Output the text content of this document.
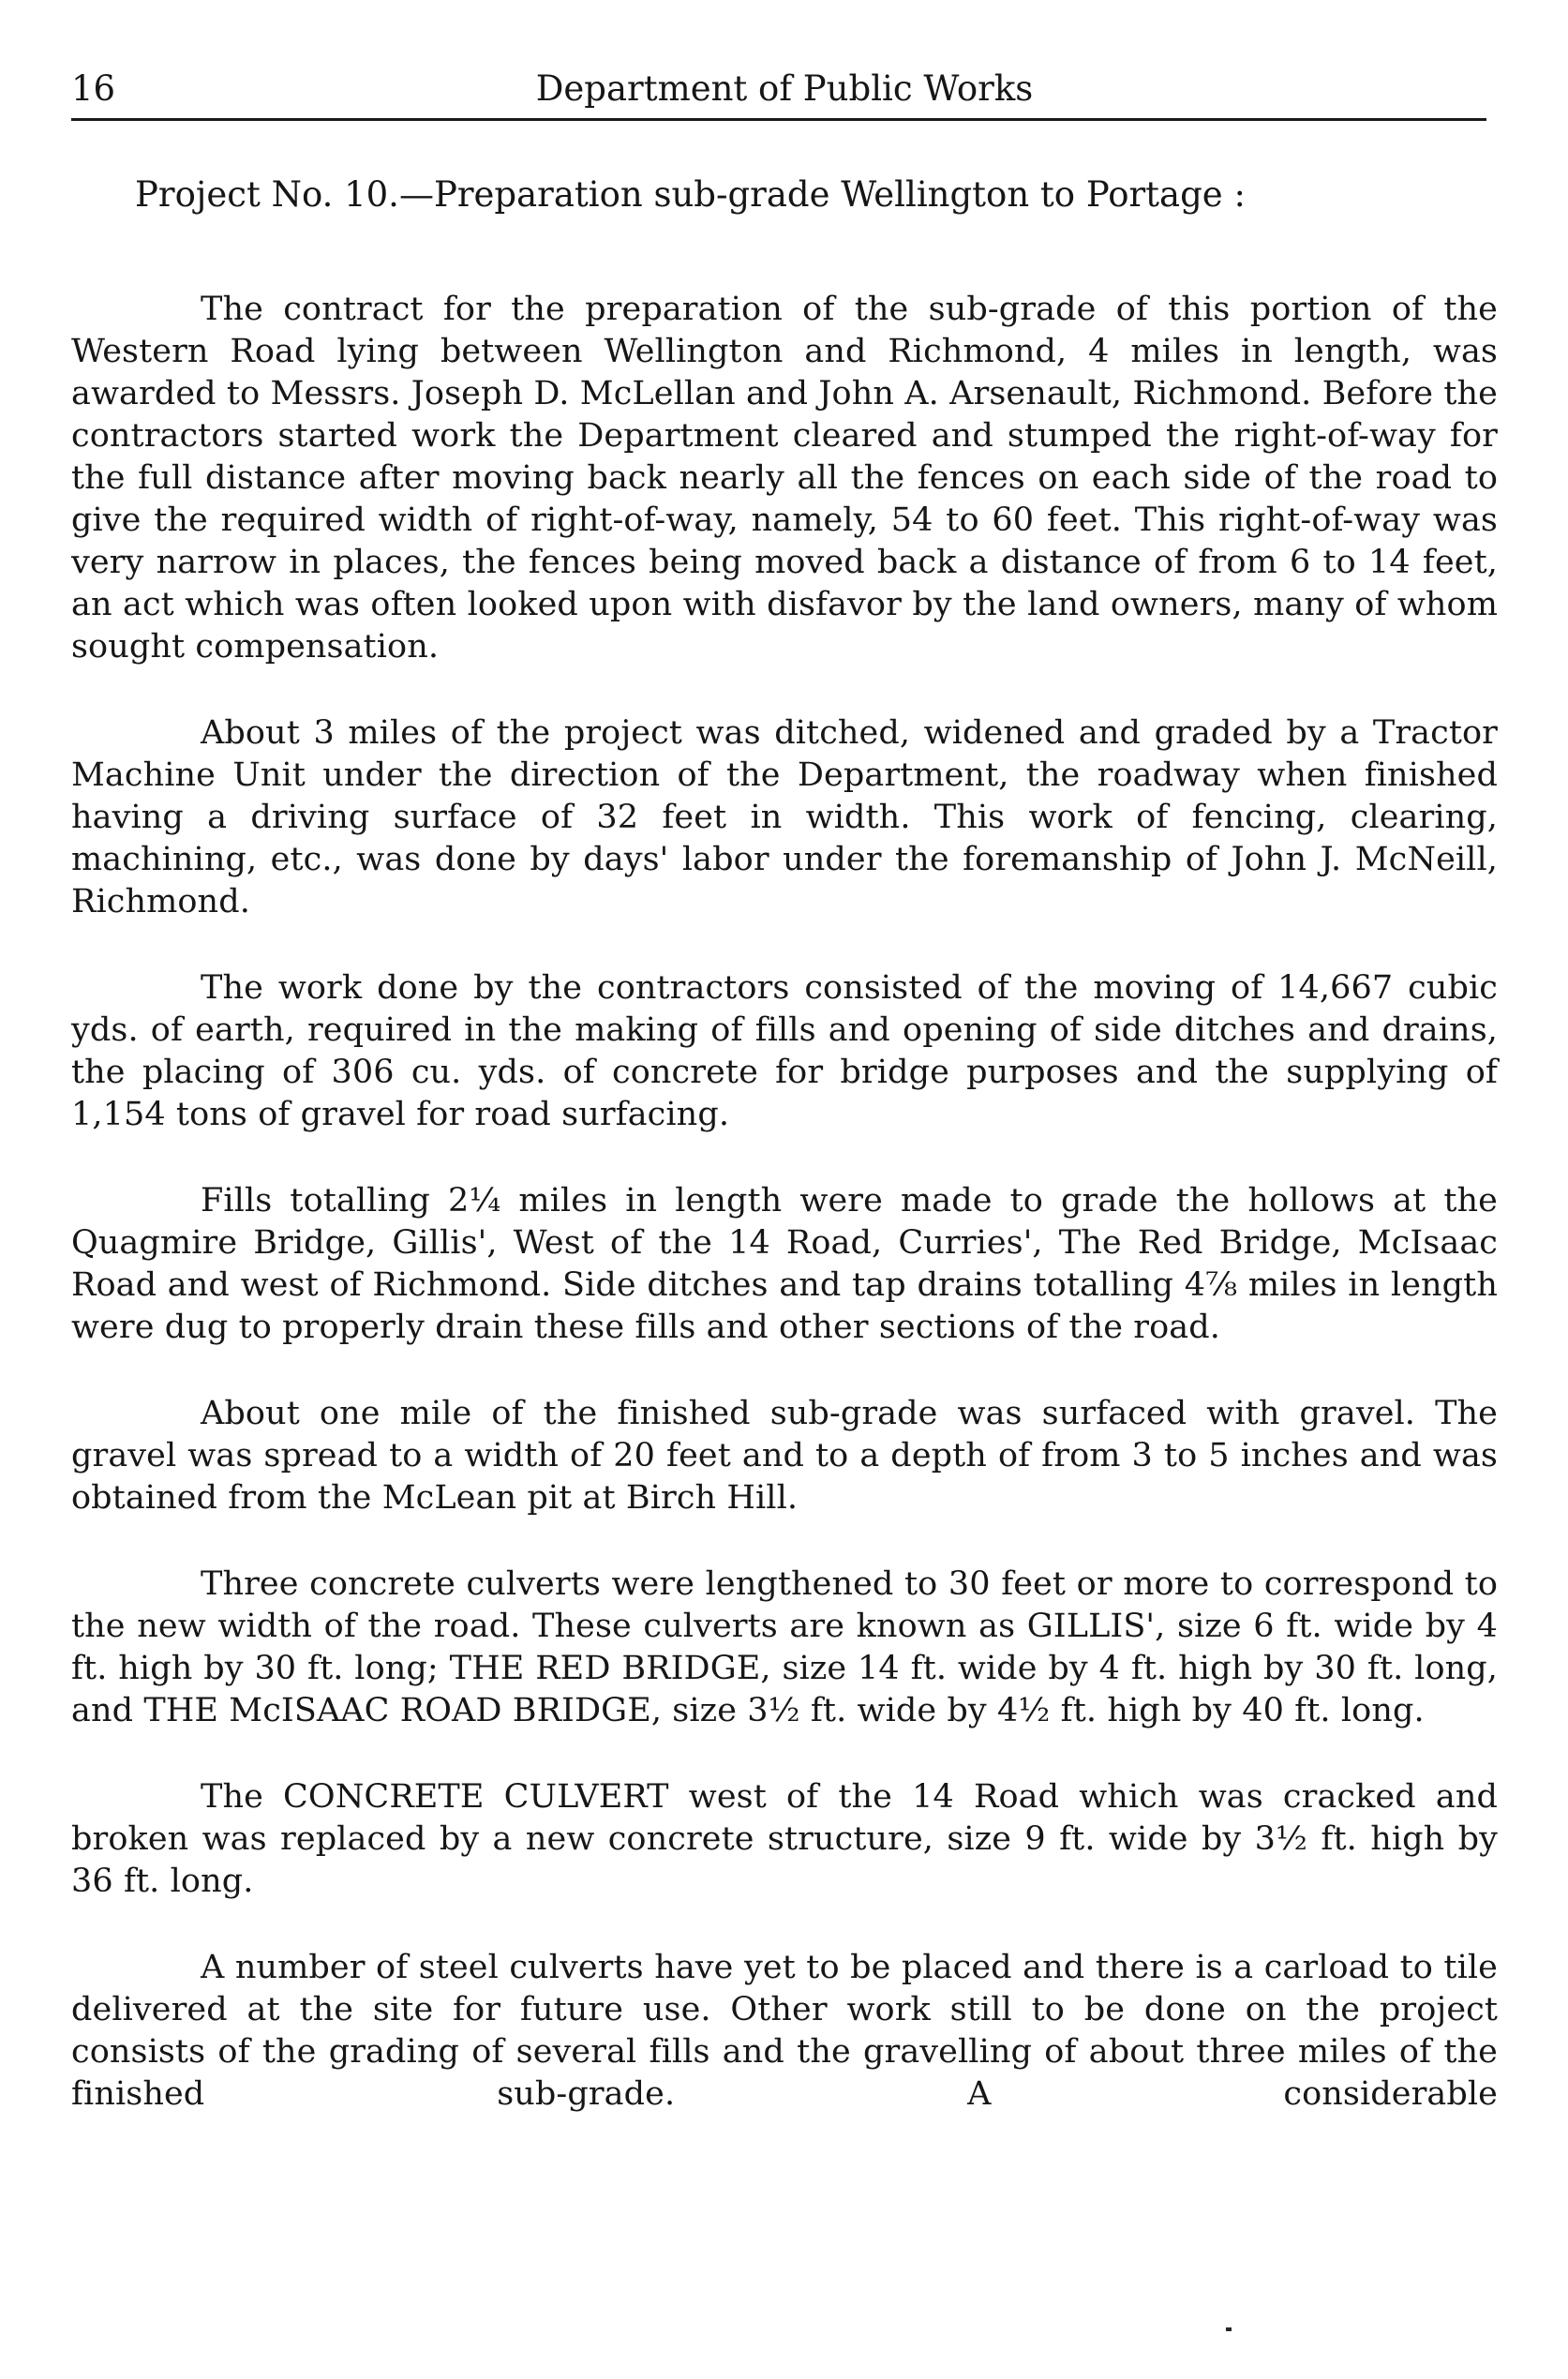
16	Department of Public Works
Project No. 10.—Preparation sub-grade Wellington to Portage :

The contract for the preparation of the sub-grade of this portion of the Western Road lying between Wellington and Richmond, 4 miles in length, was awarded to Messrs. Joseph D. McLellan and John A. Arsenault, Richmond. Before the contractors started work the Department cleared and stumped the right-of-way for the full distance after moving back nearly all the fences on each side of the road to give the required width of right-of-way, namely, 54 to 60 feet. This right-of-way was very narrow in places, the fences being moved back a distance of from 6 to 14 feet, an act which was often looked upon with disfavor by the land owners, many of whom sought compensation.

About 3 miles of the project was ditched, widened and graded by a Tractor Machine Unit under the direction of the Department, the roadway when finished having a driving surface of 32 feet in width. This work of fencing, clearing, machining, etc., was done by days' labor under the foremanship of John J. McNeill, Richmond.

The work done by the contractors consisted of the moving of 14,667 cubic yds. of earth, required in the making of fills and opening of side ditches and drains, the placing of 306 cu. yds. of concrete for bridge purposes and the supplying of 1,154 tons of gravel for road surfacing.

Fills totalling 2¼ miles in length were made to grade the hollows at the Quagmire Bridge, Gillis', West of the 14 Road, Curries', The Red Bridge, McIsaac Road and west of Richmond. Side ditches and tap drains totalling 4⅞ miles in length were dug to properly drain these fills and other sections of the road.

About one mile of the finished sub-grade was surfaced with gravel. The gravel was spread to a width of 20 feet and to a depth of from 3 to 5 inches and was obtained from the McLean pit at Birch Hill.

Three concrete culverts were lengthened to 30 feet or more to correspond to the new width of the road. These culverts are known as GILLIS', size 6 ft. wide by 4 ft. high by 30 ft. long; THE RED BRIDGE, size 14 ft. wide by 4 ft. high by 30 ft. long, and THE McISAAC ROAD BRIDGE, size 3½ ft. wide by 4½ ft. high by 40 ft. long.

The CONCRETE CULVERT west of the 14 Road which was cracked and broken was replaced by a new concrete structure, size 9 ft. wide by 3½ ft. high by 36 ft. long.

A number of steel culverts have yet to be placed and there is a carload to tile delivered at the site for future use. Other work still to be done on the project consists of the grading of several fills and the gravelling of about three miles of the finished sub-grade. A considerable
